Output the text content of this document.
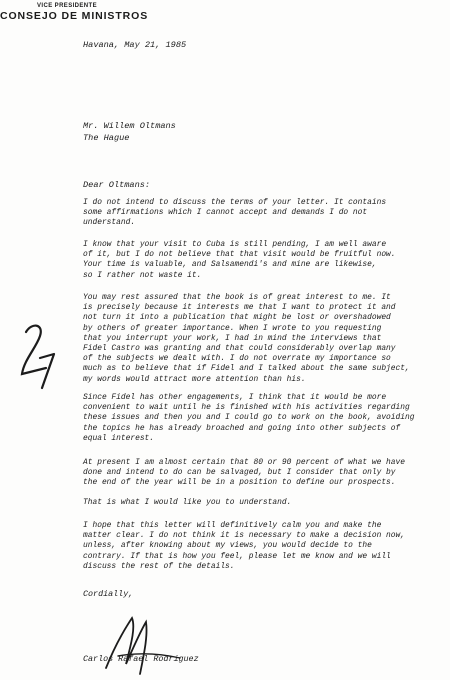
VICE PRESIDENTE
CONSEJO DE MINISTROS
Havana, May 21, 1985
Mr. Willem Oltmans
The Hague
Dear Oltmans:

I do not intend to discuss the terms of your letter. It contains
some affirmations which I cannot accept and demands I do not
understand.

I know that your visit to Cuba is still pending, I am well aware
of it, but I do not believe that that visit would be fruitful now.
Your time is valuable, and Salsamendi's and mine are likewise,
so I rather not waste it.

You may rest assured that the book is of great interest to me. It
is precisely because it interests me that I want to protect it and
not turn it into a publication that might be lost or overshadowed
by others of greater importance. When I wrote to you requesting
that you interrupt your work, I had in mind the interviews that
Fidel Castro was granting and that could considerably overlap many
of the subjects we dealt with. I do not overrate my importance so
much as to believe that if Fidel and I talked about the same subject,
my words would attract more attention than his.

Since Fidel has other engagements, I think that it would be more
convenient to wait until he is finished with his activities regarding
these issues and then you and I could go to work on the book, avoiding
the topics he has already broached and going into other subjects of
equal interest.

At present I am almost certain that 80 or 90 percent of what we have
done and intend to do can be salvaged, but I consider that only by
the end of the year will be in a position to define our prospects.

That is what I would like you to understand.

I hope that this letter will definitively calm you and make the
matter clear. I do not think it is necessary to make a decision now,
unless, after knowing about my views, you would decide to the
contrary. If that is how you feel, please let me know and we will
discuss the rest of the details.

Cordially,
Carlos Rafael Rodríguez
